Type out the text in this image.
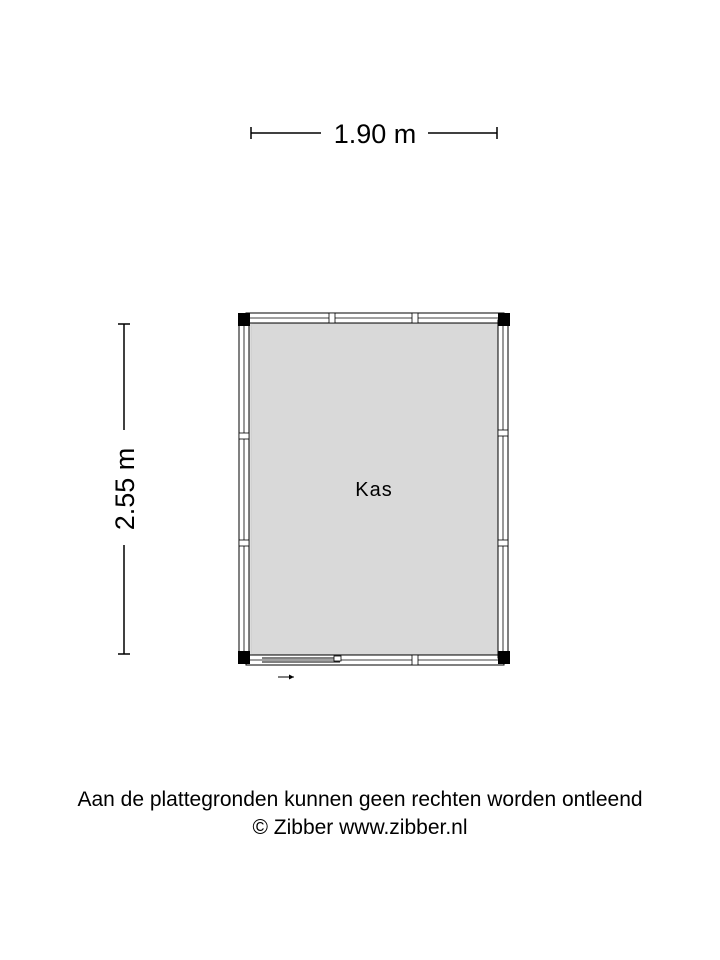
1.90 m
2.55 m	Kas
Aan de plattegronden kunnen geen rechten worden ontleend
© Zibber www.zibber.nl
